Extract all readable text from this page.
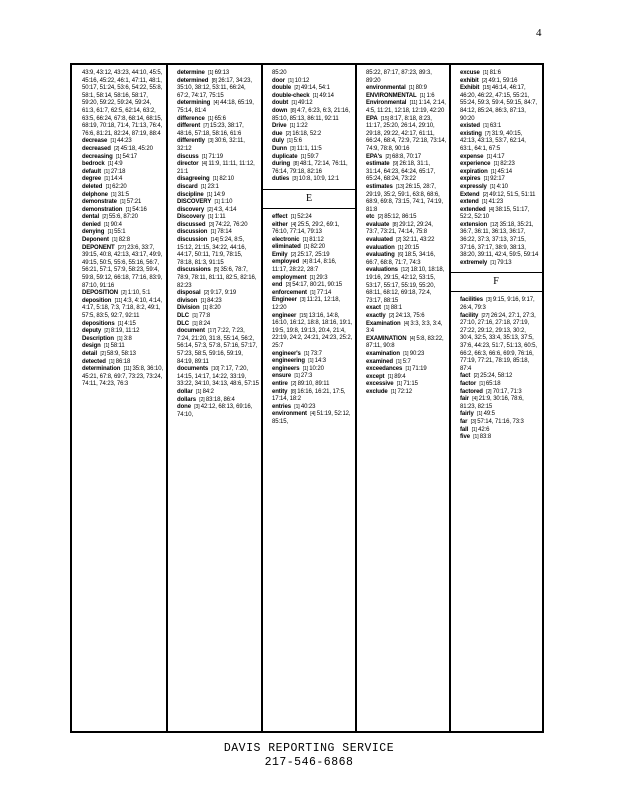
4

43:9, 43:12, 43:23, 44:10, 45:5, 45:16, 45:22, 46:1, 47:11, 48:1, 50:17, 51:24, 53:6, 54:22, 55:8, 58:1, 58:14, 58:16, 58:17, 59:20, 59:22, 59:24, 59:24, 61:3, 61:7, 62:5, 62:14, 63:2, 63:5, 66:24, 67:8, 68:14, 68:15, 68:19, 70:18, 71:4, 71:13, 76:4, 76:6, 81:21, 82:24, 87:19, 88:4

decrease [1] 44:23

decreased [2] 45:18, 45:20

decreasing [1] 54:17

bedrock [1] 4:9

default [1] 27:18

degree [1] 14:4

deleted [1] 62:20

delphone [1] 31:5

demonstrate [1] 57:21

demonstration [1] 54:16

dental [2] 55:6, 87:20

denied [1] 90:4

denying [1] 55:1

Deponent [1] 82:8

DEPONENT [27] 23:6, 33:7, 39:15, 40:8, 42:13, 43:17, 49:9, 49:15, 50:5, 55:6, 55:16, 56:7, 56:21, 57:1, 57:9, 58:23, 59:4, 59:8, 59:12, 66:18, 77:16, 83:9, 87:10, 91:16

DEPOSITION [2] 1:10, 5:1

deposition [11] 4:3, 4:10, 4:14, 4:17, 5:18, 7:3, 7:18, 8:2, 49:1, 57:5, 83:5, 92:7, 92:11

depositions [1] 4:15

deputy [2] 8:19, 11:12

Description [1] 3:8

design [1] 58:11

detail [2] 58:9, 58:13

detected [1] 86:18

determination [11] 35:8, 36:10, 45:21, 67:8, 69:7, 73:23, 73:24, 74:11, 74:23, 76:3

determine [1] 69:13

determined [8] 26:17, 34:23, 35:10, 38:12, 53:11, 66:24, 67:2, 74:17, 75:15

determining [4] 44:18, 65:19, 75:14, 81:4

difference [1] 65:6

different [7] 15:23, 38:17, 48:16, 57:18, 58:16, 61:6

differently [3] 30:6, 32:11, 32:12

discuss [1] 71:19

director [4] 11:9, 11:11, 11:12, 21:1

disagreeing [1] 82:10

discard [1] 23:1

discipline [1] 14:9

DISCOVERY [1] 1:10

discovery [2] 4:3, 4:14

Discovery [1] 1:11

discussed [3] 74:22, 76:20

discussion [1] 78:14

discussion [14] 5:24, 8:5, 15:12, 21:15, 34:22, 44:16, 44:17, 50:11, 71:9, 78:15, 78:18, 81:3, 91:15

discussions [5] 35:6, 78:7, 78:9, 78:11, 81:11, 82:5, 82:16, 82:23

disposal [2] 9:17, 9:19

divison [1] 84:23

Division [1] 8:20

DLC [1] 77:8

DLC [1] 8:24

document [17] 7:22, 7:23, 7:24, 21:20, 31:8, 55:14, 56:2, 56:14, 57:3, 57:8, 57:16, 57:17, 57:23, 58:5, 59:16, 59:19, 84:19, 89:11

documents [10] 7:17, 7:20, 14:15, 14:17, 14:22, 33:19, 33:22, 34:10, 34:13, 48:6, 57:15

dollar [1] 84:2

dollars [2] 83:18, 86:4

done [3] 42:12, 68:13, 69:16, 74:10,

85:20

door [1] 10:12

double [2] 49:14, 54:1

double-check [1] 49:14

doubt [1] 49:12

down [8] 4:7, 6:23, 6:3, 21:16, 85:10, 85:13, 86:11, 92:11

Drive [1] 1:22

due [2] 16:18, 52:2

duly [1] 5:6

Dunn [3] 11:1, 11:5

duplicate [1] 59:7

during [8] 48:1, 72:14, 76:11, 76:14, 79:18, 82:16

duties [3] 10:8, 10:9, 12:1

E

effect [1] 52:24

either [4] 25:5, 29:2, 69:1, 76:10, 77:14, 79:13

electronic [1] 81:12

eliminated [1] 82:20

Emily [2] 25:17, 25:19

employed [4] 8:14, 8:16, 11:17, 28:22, 28:7

employment [1] 29:3

end [3] 54:17, 80:21, 90:15

enforcement [1] 77:14

Engineer [3] 11:21, 12:18, 12:20

engineer [15] 13:16, 14:8, 16:10, 16:12, 18:8, 18:16, 19:1, 19:5, 19:8, 19:13, 20:4, 21:4, 22:19, 24:2, 24:21, 24:23, 25:2, 25:7

engineer's [1] 73:7

engineering [1] 14:3

engineers [1] 10:20

ensure [1] 27:3

entire [2] 89:10, 89:11

entity [8] 16:16, 16:21, 17:5, 17:14, 18:2

entries [1] 40:23

environment [4] 51:19, 52:12, 85:15,

85:22, 87:17, 87:23, 89:3, 89:20

environmental [1] 80:9

ENVIRONMENTAL [1] 1:6

Environmental [11] 1:14, 2:14, 4:5, 11:21, 12:18, 12:19, 42:20

EPA [15] 8:17, 8:18, 8:23, 11:17, 25:20, 26:14, 29:10, 29:18, 29:22, 42:17, 61:11, 66:24, 68:4, 72:9, 72:18, 73:14, 74:9, 78:8, 90:16

EPA's [2] 68:8, 70:17

estimate [9] 26:18, 31:1, 31:14, 64:23, 64:24, 65:17, 65:24, 68:24, 73:22

estimates [13] 26:15, 28:7, 29:19, 35:2, 59:1, 63:8, 68:6, 68:9, 69:8, 73:15, 74:1, 74:19, 81:8

etc [2] 85:12, 86:15

evaluate [8] 29:12, 29:24, 73:7, 73:21, 74:14, 75:8

evaluated [2] 32:11, 43:22

evaluation [1] 20:15

evaluating [6] 18:5, 34:16, 66:7, 68:8, 71:7, 74:3

evaluations [12] 18:10, 18:18, 19:16, 29:15, 42:12, 53:15, 53:17, 55:17, 55:19, 55:20, 68:11, 68:12, 69:18, 72:4, 73:17, 88:15

exact [1] 88:1

exactly [2] 24:13, 75:6

Examination [4] 3:3, 3:3, 3:4, 3:4

EXAMINATION [4] 5:8, 83:22, 87:11, 90:8

examination [1] 90:23

examined [1] 5:7

exceedances [1] 71:19

except [1] 89:4

excessive [1] 71:15

exclude [1] 72:12

excuse [1] 81:6

exhibit [2] 49:1, 59:16

Exhibit [15] 46:14, 46:17, 46:20, 46:22, 47:15, 55:21, 55:24, 59:3, 59:4, 59:15, 84:7, 84:12, 85:24, 86:3, 87:13, 90:20

existed [1] 63:1

existing [7] 31:9, 40:15, 42:13, 43:13, 53:7, 62:14, 63:1, 64:1, 67:5

expense [1] 4:17

experience [1] 82:23

expiration [1] 45:14

expires [1] 92:17

expressly [1] 4:10

Extend [2] 49:12, 51:5, 51:11

extend [1] 41:23

extended [4] 38:15, 51:17, 52:2, 52:10

extension [12] 35:18, 35:21, 36:7, 36:11, 36:13, 36:17, 36:22, 37:3, 37:13, 37:15, 37:16, 37:17, 38:9, 38:13, 38:20, 39:11, 42:4, 59:5, 59:14

extremely [1] 79:13

F

facilities [3] 9:15, 9:16, 9:17, 26:4, 79:3

facility [27] 26:24, 27:1, 27:3, 27:10, 27:16, 27:18, 27:19, 27:22, 29:12, 29:13, 30:2, 30:4, 32:5, 33:4, 35:13, 37:5, 37:6, 44:23, 51:7, 51:13, 60:5, 66:2, 66:3, 66:6, 69:9, 76:16, 77:19, 77:21, 78:19, 85:18, 87:4

fact [2] 25:24, 58:12

factor [1] 65:18

factored [2] 70:17, 71:3

fair [4] 21:9, 30:16, 78:6, 81:23, 82:15

fairly [1] 49:5

far [3] 57:14, 71:16, 73:3

fall [1] 42:6

five [1] 83:8

DAVIS REPORTING SERVICE
217-546-6868
